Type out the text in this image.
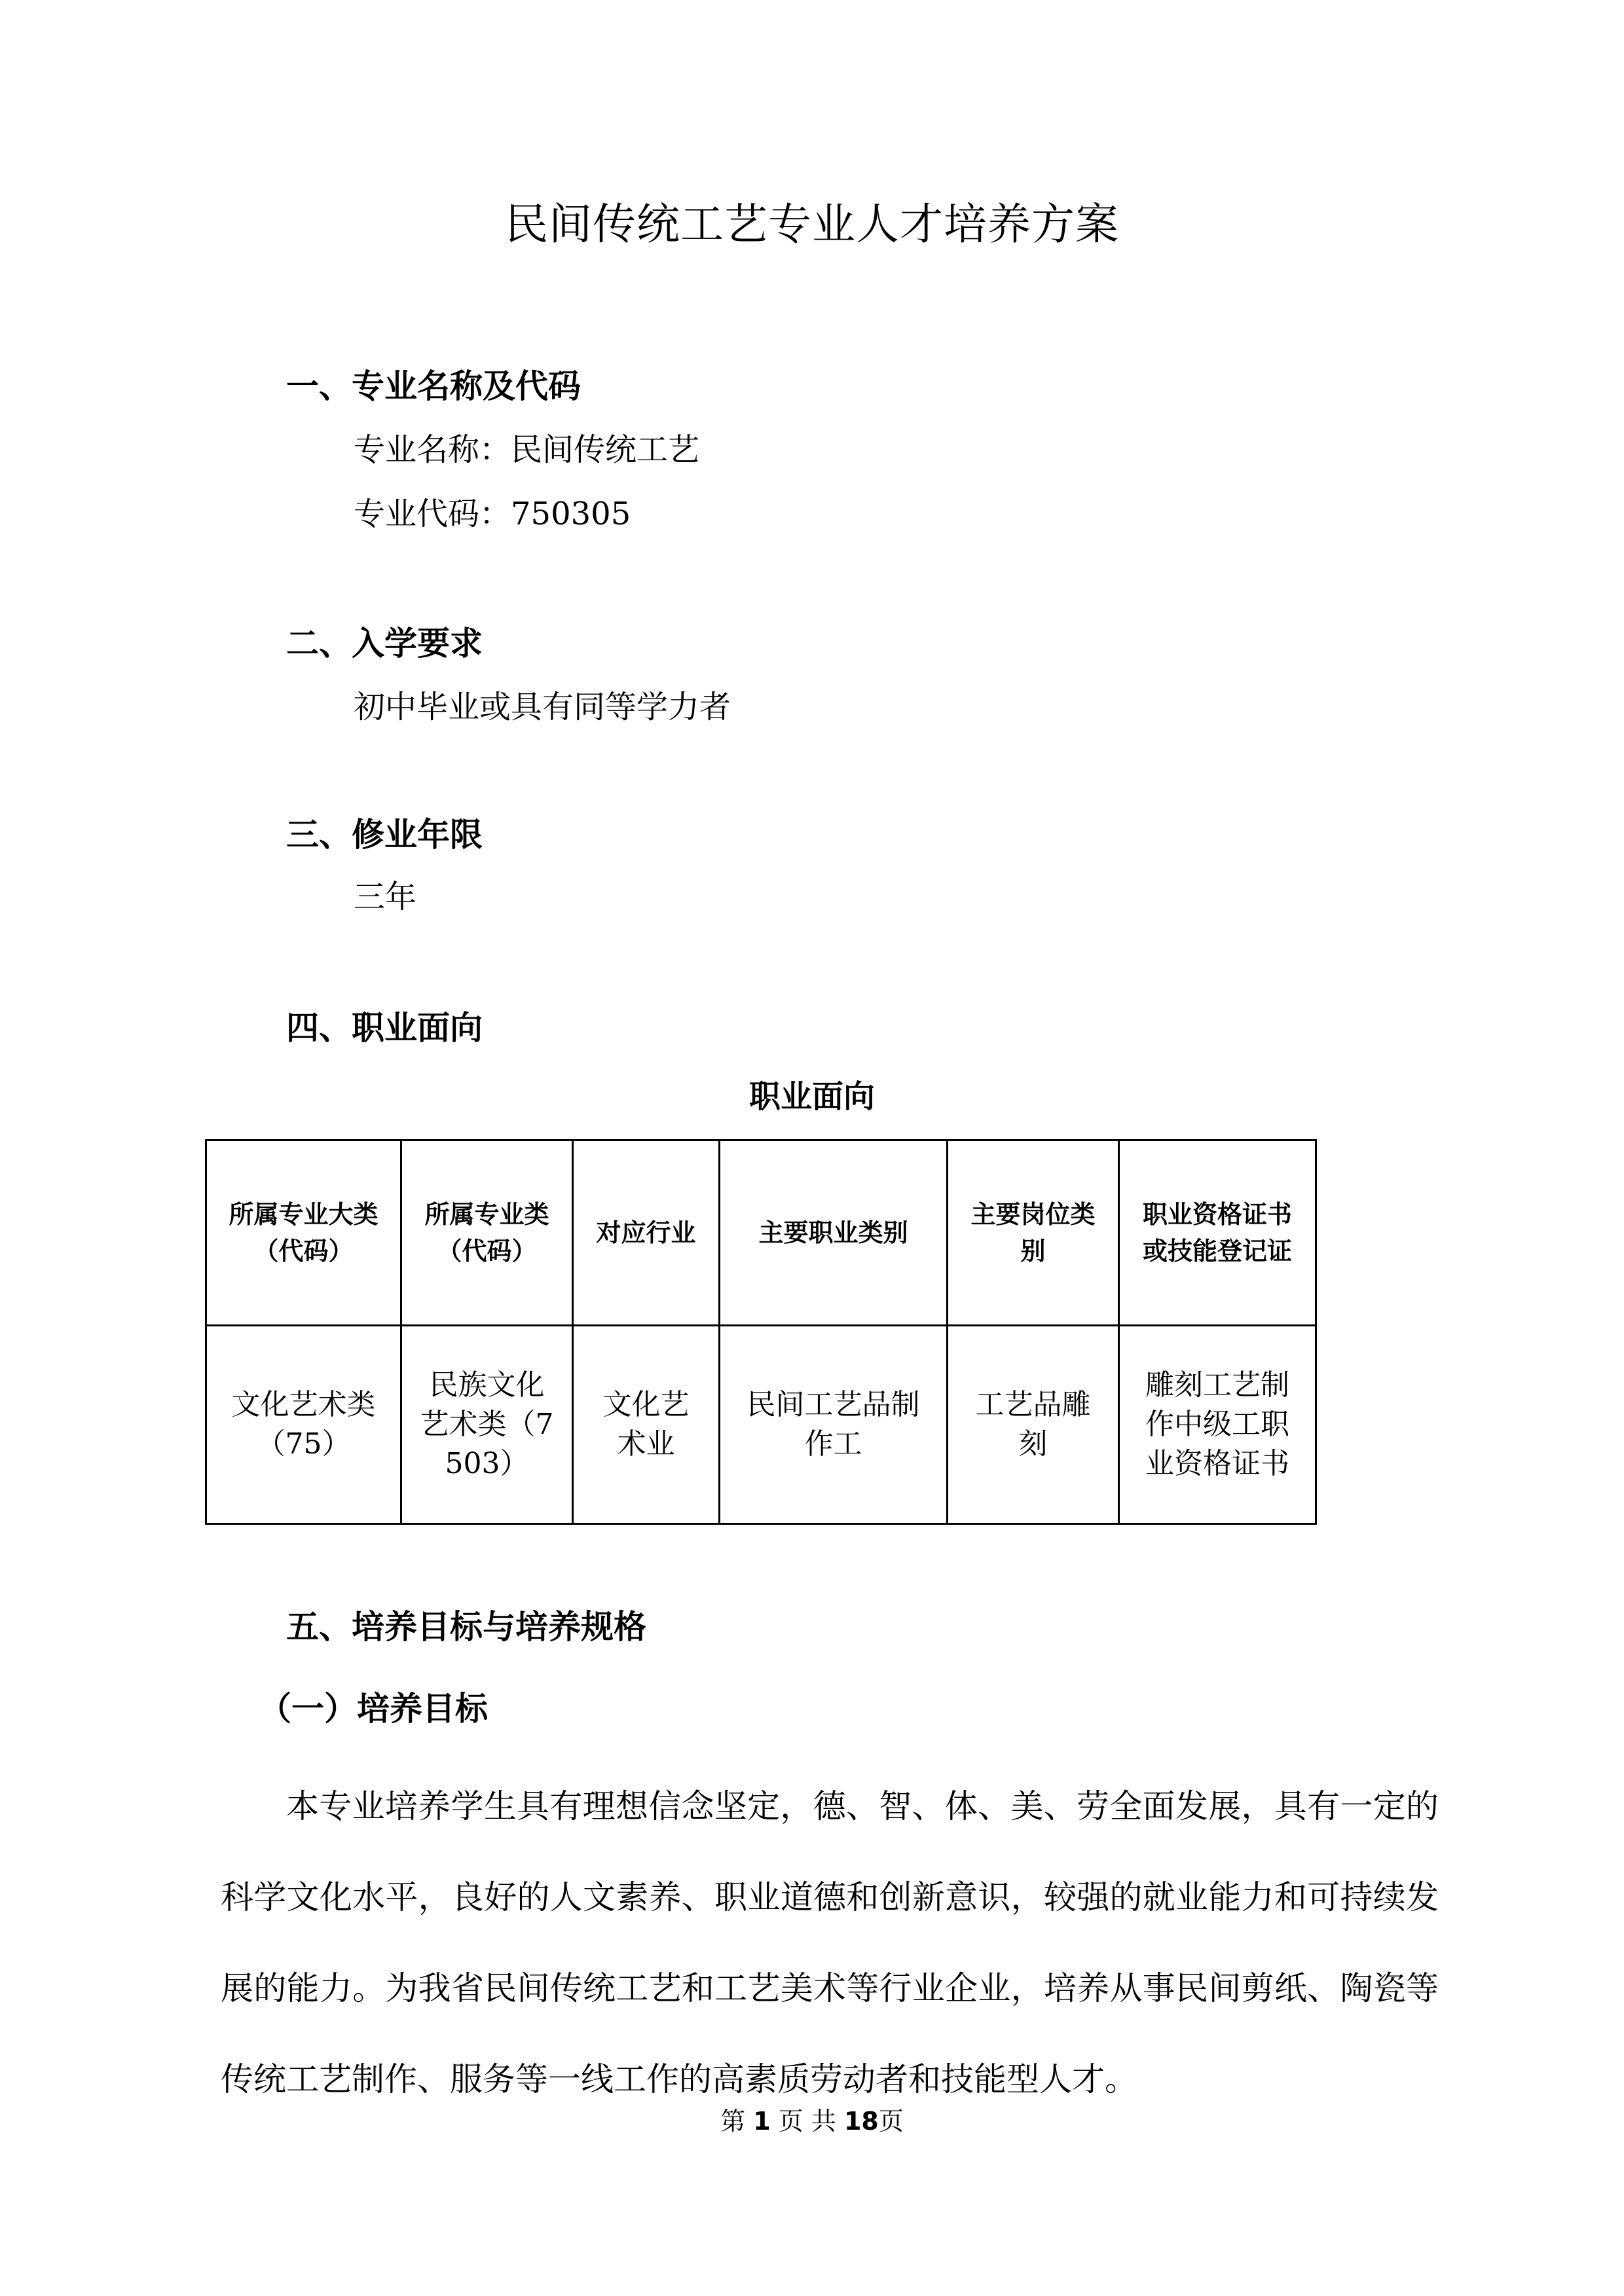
民间传统工艺专业人才培养方案
一、专业名称及代码
专业名称：民间传统工艺
专业代码：750305
二、入学要求
初中毕业或具有同等学力者
三、修业年限
三年
四、职业面向
职业面向
所属专业大类（代码）	所属专业类（代码）	对应行业	主要职业类别	主要岗位类别	职业资格证书或技能登记证
文化艺术类（75）	民族文化艺术类（7503）	文化艺术业	民间工艺品制作工	工艺品雕刻	雕刻工艺制作中级工职业资格证书
五、培养目标与培养规格
（一）培养目标
本专业培养学生具有理想信念坚定，德、智、体、美、劳全面发展，具有一定的科学文化水平，良好的人文素养、职业道德和创新意识，较强的就业能力和可持续发展的能力。为我省民间传统工艺和工艺美术等行业企业，培养从事民间剪纸、陶瓷等传统工艺制作、服务等一线工作的高素质劳动者和技能型人才。
第 1 页 共 18页
